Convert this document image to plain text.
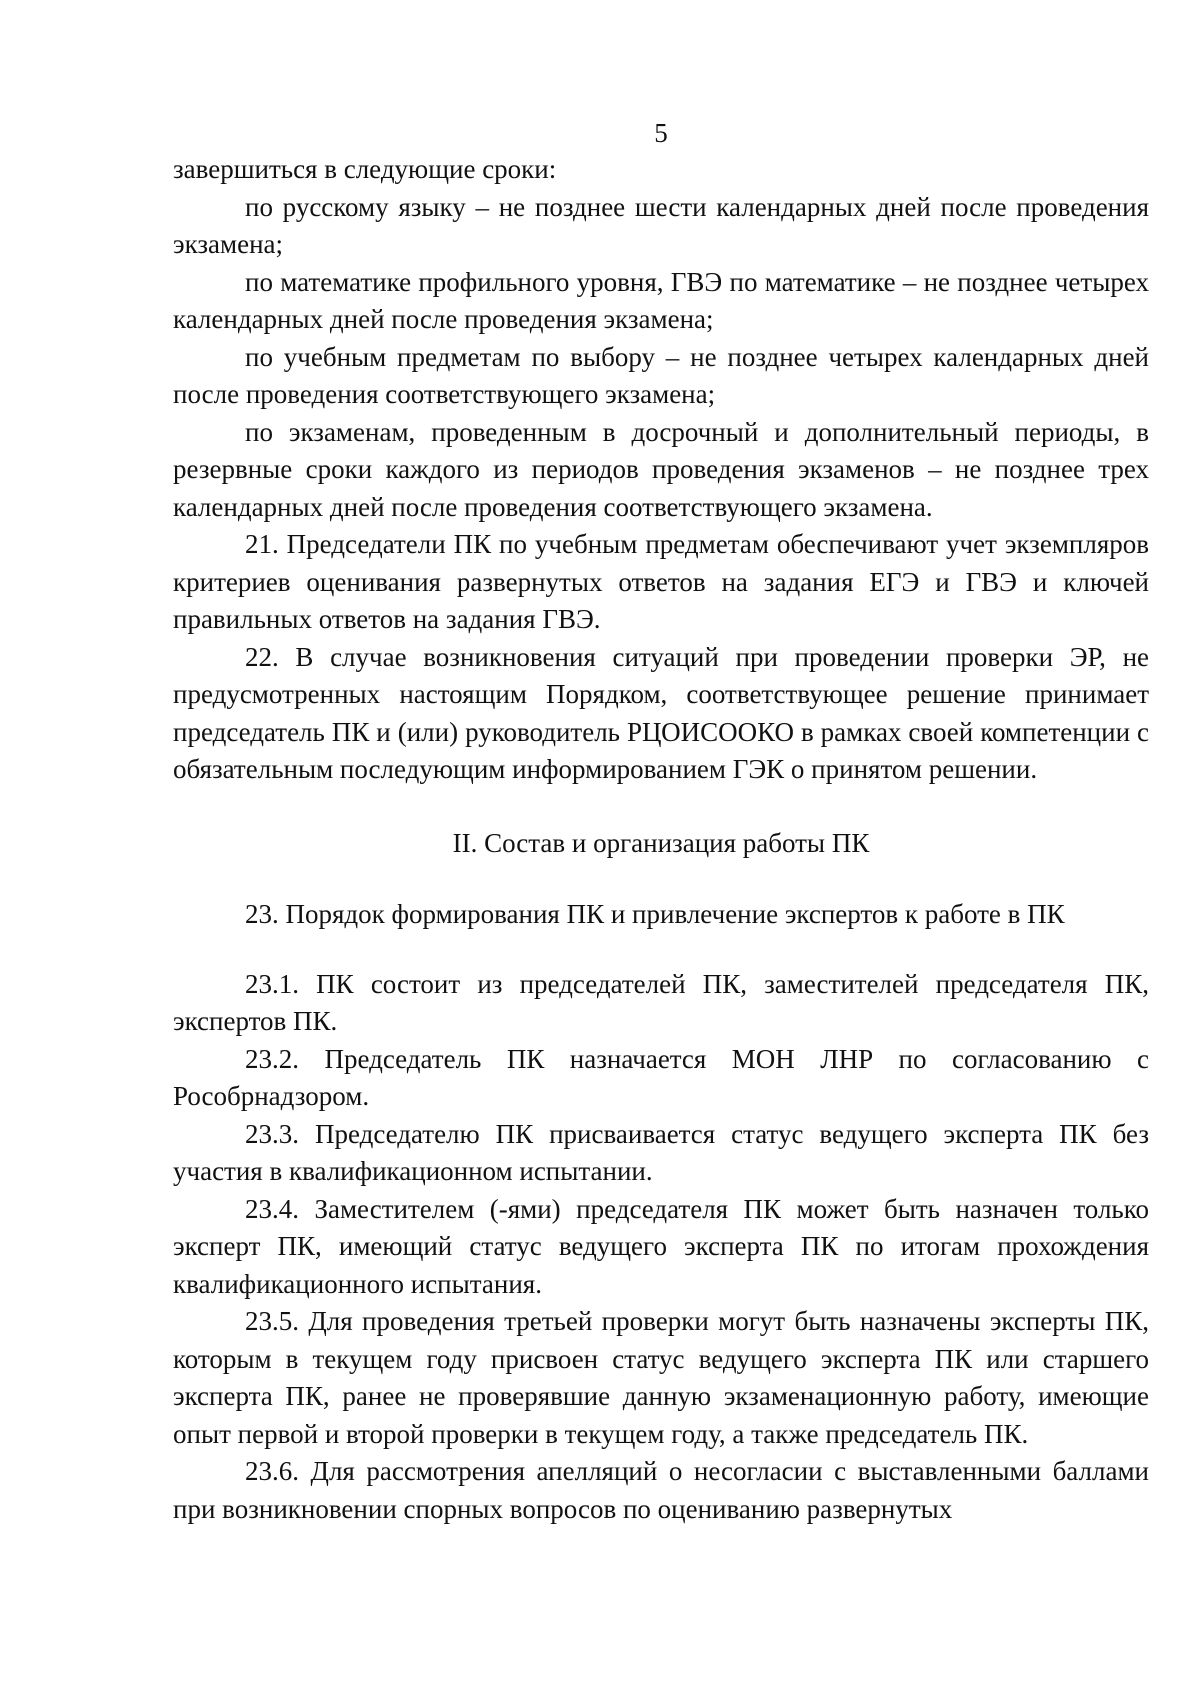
5

завершиться в следующие сроки:

по русскому языку – не позднее шести календарных дней после проведения экзамена;

по математике профильного уровня, ГВЭ по математике – не позднее четырех календарных дней после проведения экзамена;

по учебным предметам по выбору – не позднее четырех календарных дней после проведения соответствующего экзамена;

по экзаменам, проведенным в досрочный и дополнительный периоды, в резервные сроки каждого из периодов проведения экзаменов – не позднее трех календарных дней после проведения соответствующего экзамена.

21. Председатели ПК по учебным предметам обеспечивают учет экземпляров критериев оценивания развернутых ответов на задания ЕГЭ и ГВЭ и ключей правильных ответов на задания ГВЭ.

22. В случае возникновения ситуаций при проведении проверки ЭР, не предусмотренных настоящим Порядком, соответствующее решение принимает председатель ПК и (или) руководитель РЦОИСООКО в рамках своей компетенции с обязательным последующим информированием ГЭК о принятом решении.

II. Состав и организация работы ПК

23. Порядок формирования ПК и привлечение экспертов к работе в ПК

23.1. ПК состоит из председателей ПК, заместителей председателя ПК, экспертов ПК.

23.2. Председатель ПК назначается МОН ЛНР по согласованию с Рособрнадзором.

23.3. Председателю ПК присваивается статус ведущего эксперта ПК без участия в квалификационном испытании.

23.4. Заместителем (-ями) председателя ПК может быть назначен только эксперт ПК, имеющий статус ведущего эксперта ПК по итогам прохождения квалификационного испытания.

23.5. Для проведения третьей проверки могут быть назначены эксперты ПК, которым в текущем году присвоен статус ведущего эксперта ПК или старшего эксперта ПК, ранее не проверявшие данную экзаменационную работу, имеющие опыт первой и второй проверки в текущем году, а также председатель ПК.

23.6. Для рассмотрения апелляций о несогласии с выставленными баллами при возникновении спорных вопросов по оцениванию развернутых
